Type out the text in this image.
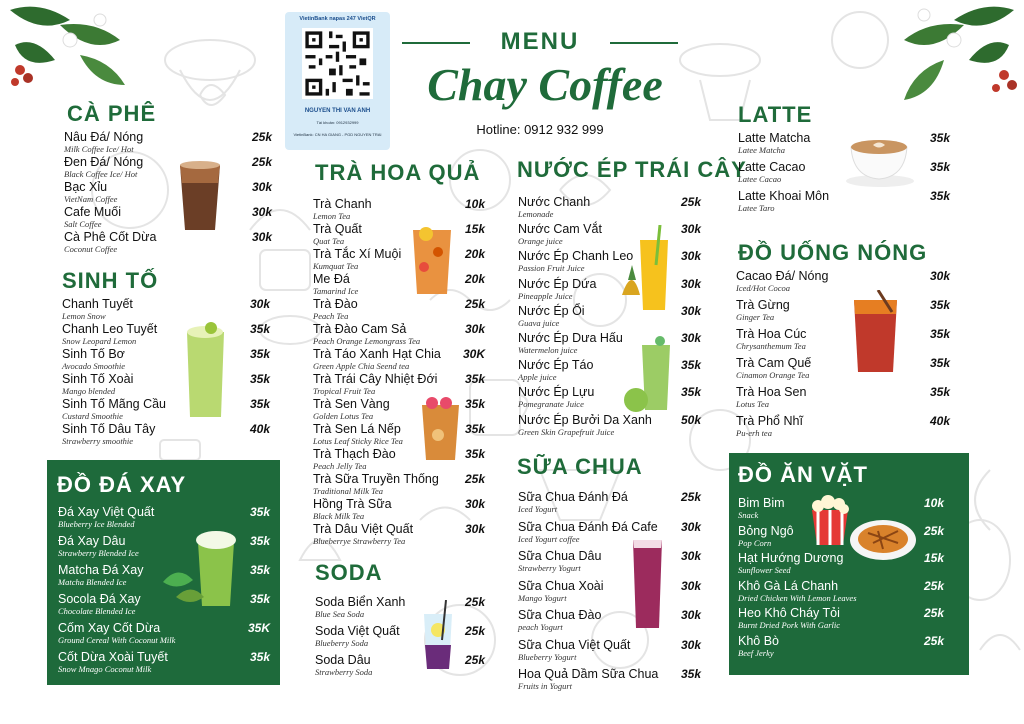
VietinBank napas 247 VietQR
NGUYEN THI VAN ANH
Tài khoản: 0912932999
VietinBank: CN HA GIANG - PGD NGUYEN TRAI
MENU
Chay Coffee
Hotline: 0912 932 999
CÀ PHÊ
SINH TỐ
ĐỒ ĐÁ XAY
TRÀ HOA QUẢ
SODA
NƯỚC ÉP TRÁI CÂY
SỮA CHUA
LATTE
ĐỒ UỐNG NÓNG
ĐỒ ĂN VẶT
Nâu Đá/ Nóng
Milk Coffee Ice/ Hot
25k
Đen Đá/ Nóng
Black Coffee Ice/ Hot
25k
Bạc Xỉu
VietNam Coffee
30k
Cafe Muối
Salt Coffee
30k
Cà Phê Cốt Dừa
Coconut Coffee
30k
Chanh Tuyết
Lemon Snow
30k
Chanh Leo Tuyết
Snow Leopard Lemon
35k
Sinh Tố Bơ
Avocado Smoothie
35k
Sinh Tố Xoài
Mango blended
35k
Sinh Tố Mãng Cầu
Custard Smoothie
35k
Sinh Tố Dâu Tây
Strawberry smoothie
40k
Đá Xay Việt Quất
Blueberry Ice Blended
35k
Đá Xay Dâu
Strawberry Blended Ice
35k
Matcha Đá Xay
Matcha Blended Ice
35k
Socola Đá Xay
Chocolate Blended Ice
35k
Cốm Xay Cốt Dừa
Ground Cereal With Coconut Milk
35K
Cốt Dừa Xoài Tuyết
Snow Mnago Coconut Milk
35k
Trà Chanh
Lemon Tea
10k
Trà Quất
Quat Tea
15k
Trà Tắc Xí Muội
Kumquat Tea
20k
Me Đá
Tamarind Ice
20k
Trà Đào
Peach Tea
25k
Trà Đào Cam Sả
Peach Orange Lemongrass Tea
30k
Trà Táo Xanh Hạt Chia
Green Apple Chia Seend tea
30K
Trà Trái Cây Nhiệt Đới
Tropical Fruit Tea
35k
Trà Sen Vàng
Golden Lotus Tea
35k
Trà Sen Lá Nếp
Lotus Leaf Sticky Rice Tea
35k
Trà Thạch Đào
Peach Jelly Tea
35k
Trà Sữa Truyền Thống
Traditional Milk Tea
25k
Hồng Trà Sữa
Black Milk Tea
30k
Trà Dâu Việt Quất
Blueberrye Strawberry Tea
30k
Soda Biển Xanh
Blue Sea Soda
25k
Soda Việt Quất
Blueberry Soda
25k
Soda Dâu
Strawberry Soda
25k
Nước Chanh
Lemonade
25k
Nước Cam Vắt
Orange juice
30k
Nước Ép Chanh Leo
Passion Fruit Juice
30k
Nước Ép Dứa
Pineapple Juice
30k
Nước Ép Ổi
Guava juice
30k
Nước Ép Dưa Hấu
Watermelon juice
30k
Nước Ép Táo
Apple juice
35k
Nước Ép Lựu
Pomegranate Juice
35k
Nước Ép Bưởi Da Xanh
Green Skin Grapefruit Juice
50k
Sữa Chua Đánh Đá
Iced Yogurt
25k
Sữa Chua Đánh Đá Cafe
Iced Yogurt coffee
30k
Sữa Chua Dâu
Strawberry Yogurt
30k
Sữa Chua Xoài
Mango Yogurt
30k
Sữa Chua Đào
peach Yogurt
30k
Sữa Chua Việt Quất
Blueberry Yogurt
30k
Hoa Quả Dầm Sữa Chua
Fruits in Yogurt
35k
Latte Matcha
Latee Matcha
35k
Latte Cacao
Latee Cacao
35k
Latte Khoai Môn
Latee Taro
35k
Cacao Đá/ Nóng
Iced/Hot Cocoa
30k
Trà Gừng
Ginger Tea
35k
Trà Hoa Cúc
Chrysanthemum Tea
35k
Trà Cam Quế
Cinamon Orange Tea
35k
Trà Hoa Sen
Lotus Tea
35k
Trà Phổ Nhĩ
Pu-erh tea
40k
Bim Bim
Snack
10k
Bỏng Ngô
Pop Corn
25k
Hạt Hướng Dương
Sunflower Seed
15k
Khô Gà Lá Chanh
Dried Chicken With Lemon Leaves
25k
Heo Khô Cháy Tỏi
Burnt Dried Pork With Garlic
25k
Khô Bò
Beef Jerky
25k
